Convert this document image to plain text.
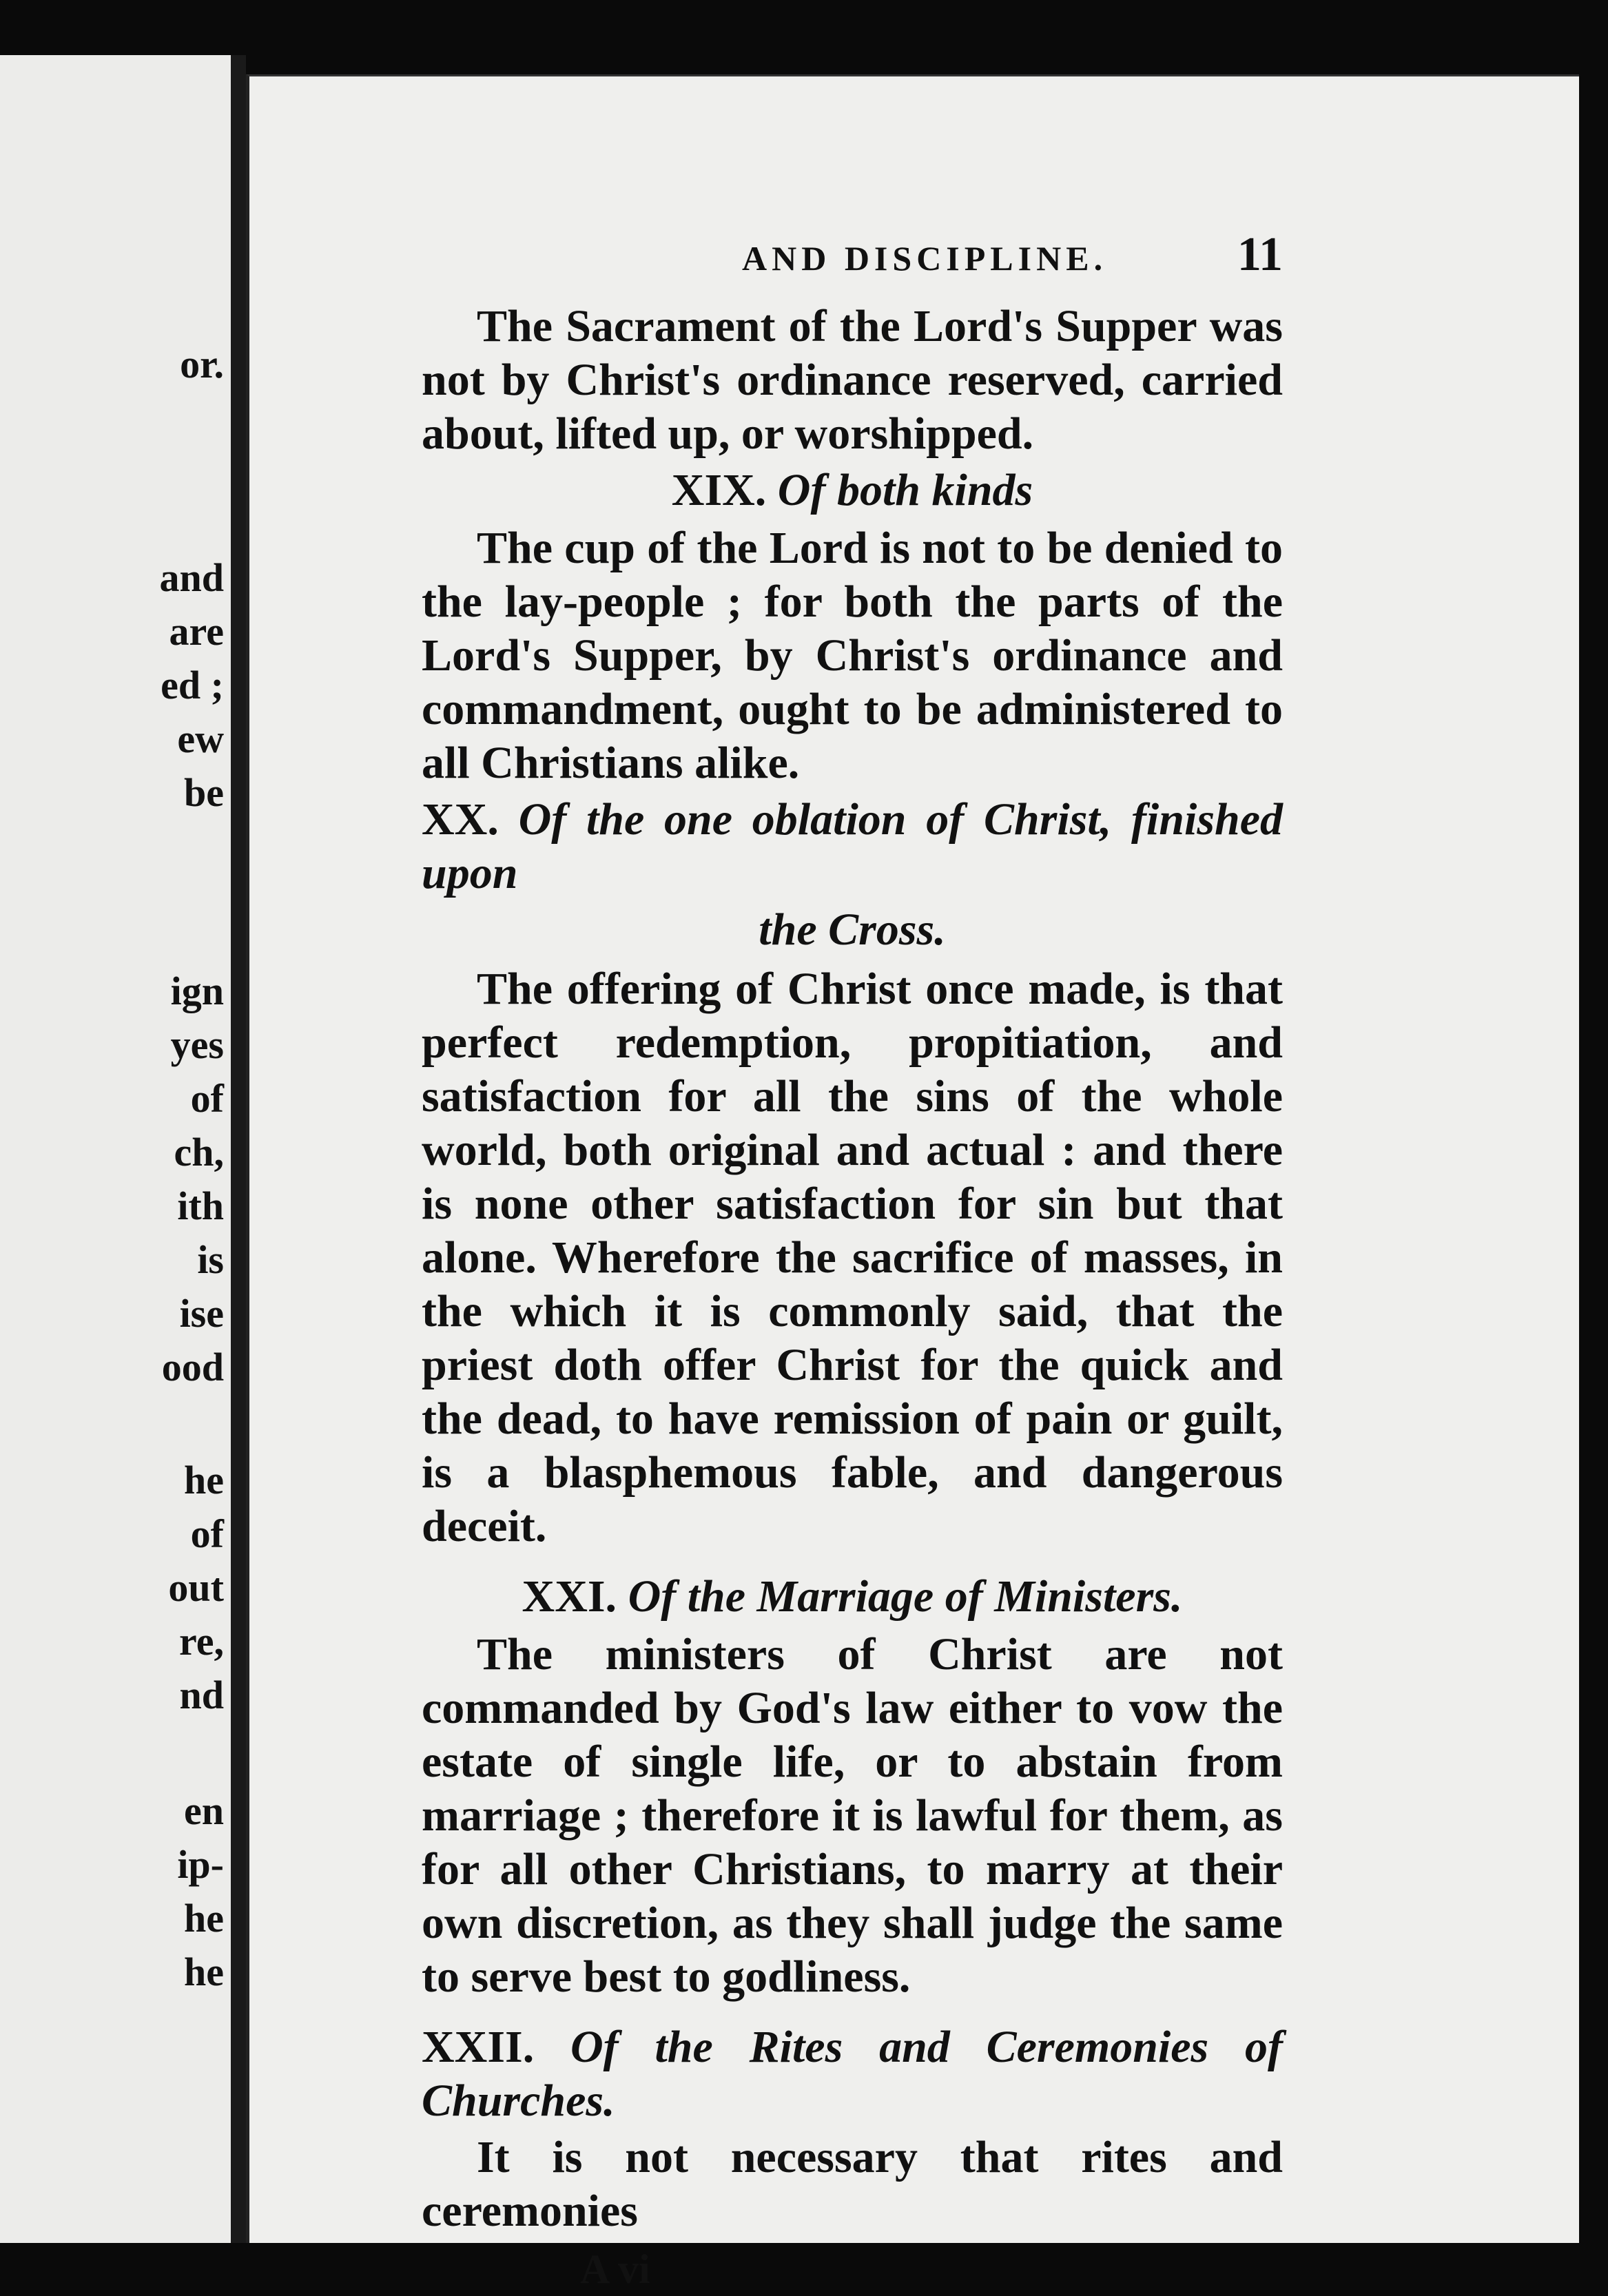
or.
and
are
ed ;
ew
be
ign
yes
of
ch,
ith
is
ise
ood
he
of
out
re,
nd
en
ip-
he
he
AND DISCIPLINE.	11

The Sacrament of the Lord's Supper was not by Christ's ordinance reserved, carried about, lifted up, or worshipped.

XIX. Of both kinds

The cup of the Lord is not to be denied to the lay-people ; for both the parts of the Lord's Supper, by Christ's ordinance and commandment, ought to be administered to all Christians alike.

XX. Of the one oblation of Christ, finished upon
the Cross.

The offering of Christ once made, is that perfect redemption, propitiation, and satisfaction for all the sins of the whole world, both original and actual : and there is none other satisfaction for sin but that alone. Wherefore the sacrifice of masses, in the which it is commonly said, that the priest doth offer Christ for the quick and the dead, to have remission of pain or guilt, is a blasphemous fable, and dangerous deceit.

XXI. Of the Marriage of Ministers.

The ministers of Christ are not commanded by God's law either to vow the estate of single life, or to abstain from marriage ; therefore it is lawful for them, as for all other Christians, to marry at their own discretion, as they shall judge the same to serve best to godliness.

XXII. Of the Rites and Ceremonies of Churches.

It is not necessary that rites and ceremonies

A vi
